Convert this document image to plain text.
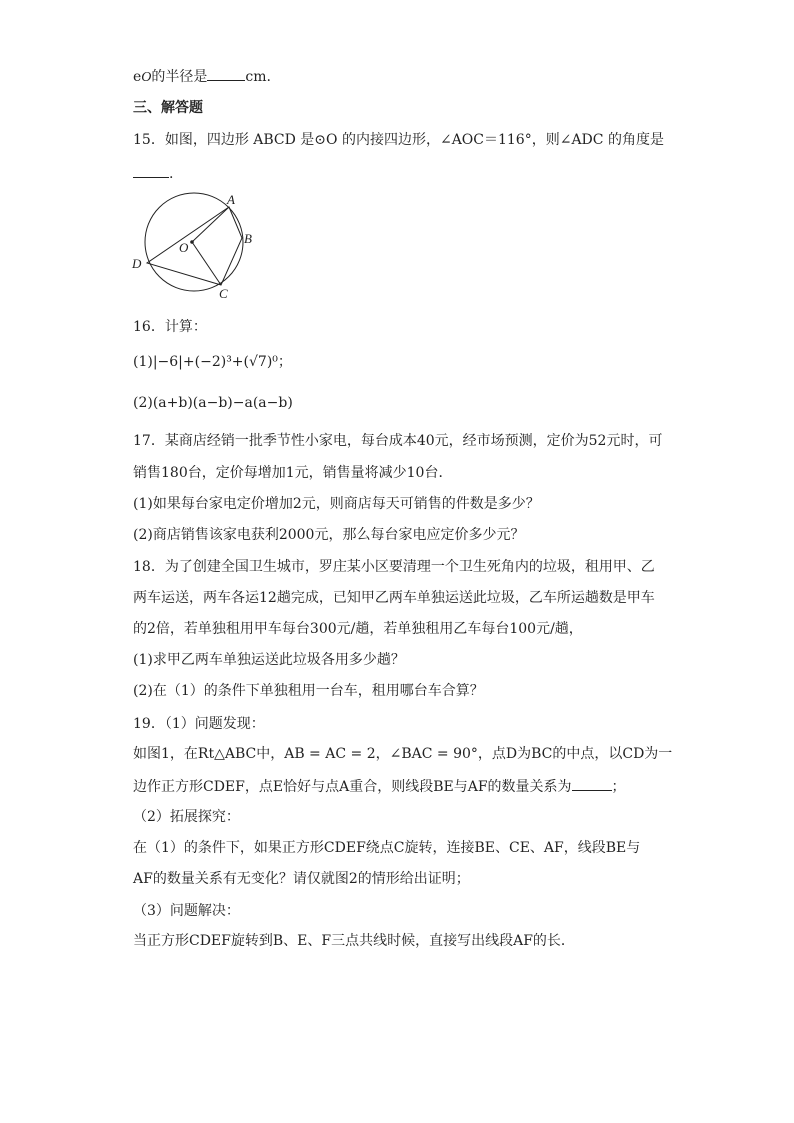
eO的半径是	cm.
三、解答题
15．如图，四边形 ABCD 是⊙O 的内接四边形，∠AOC＝116°，则∠ADC 的角度是
.
A
B
C
D
O
16．计算：
(1)|−6|+(−2)³+(√7)⁰；
(2)(a+b)(a−b)−a(a−b)
17．某商店经销一批季节性小家电，每台成本40元，经市场预测，定价为52元时，可
销售180台，定价每增加1元，销售量将减少10台．
(1)如果每台家电定价增加2元，则商店每天可销售的件数是多少？
(2)商店销售该家电获利2000元，那么每台家电应定价多少元？
18．为了创建全国卫生城市，罗庄某小区要清理一个卫生死角内的垃圾，租用甲、乙
两车运送，两车各运12趟完成，已知甲乙两车单独运送此垃圾，乙车所运趟数是甲车
的2倍，若单独租用甲车每台300元/趟，若单独租用乙车每台100元/趟，
(1)求甲乙两车单独运送此垃圾各用多少趟？
(2)在（1）的条件下单独租用一台车，租用哪台车合算？
19．（1）问题发现：
如图1，在Rt△ABC中，AB = AC = 2，∠BAC = 90°，点D为BC的中点，以CD为一
边作正方形CDEF，点E恰好与点A重合，则线段BE与AF的数量关系为	；
（2）拓展探究：
在（1）的条件下，如果正方形CDEF绕点C旋转，连接BE、CE、AF，线段BE与
AF的数量关系有无变化？请仅就图2的情形给出证明；
（3）问题解决：
当正方形CDEF旋转到B、E、F三点共线时候，直接写出线段AF的长．
